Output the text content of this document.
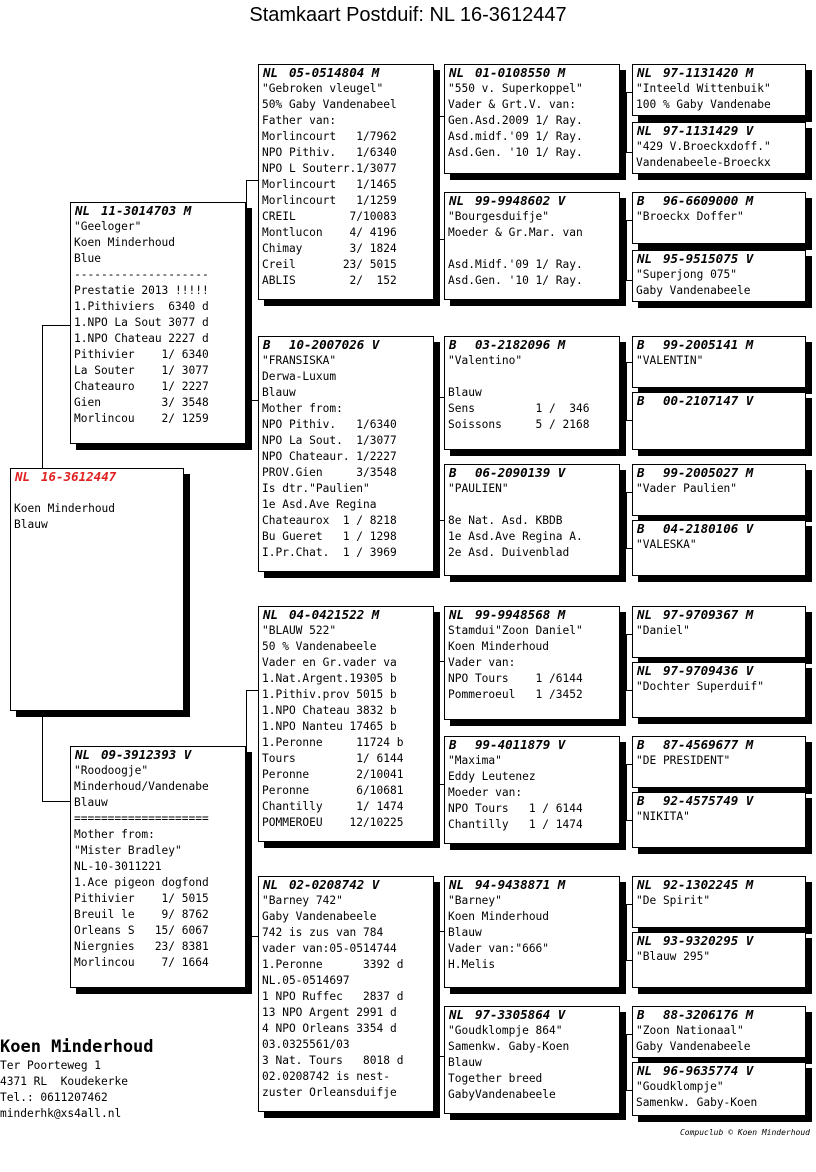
Stamkaart Postduif: NL 16-3612447
NL 16-3612447
Koen Minderhoud
Blauw
NL 11-3014703 M
"Geeloger"
Koen Minderhoud
Blue
--------------------
Prestatie 2013 !!!!!
1.Pithiviers  6340 d
1.NPO La Sout 3077 d
1.NPO Chateau 2227 d
Pithivier    1/ 6340
La Souter    1/ 3077
Chateauro    1/ 2227
Gien         3/ 3548
Morlincou    2/ 1259
NL 09-3912393 V
"Roodoogje"
Minderhoud/Vandenabe
Blauw
====================
Mother from:
"Mister Bradley"
NL-10-3011221
1.Ace pigeon dogfond
Pithivier    1/ 5015
Breuil le    9/ 8762
Orleans S   15/ 6067
Niergnies   23/ 8381
Morlincou    7/ 1664
NL 05-0514804 M
"Gebroken vleugel"
50% Gaby Vandenabeel
Father van:
Morlincourt   1/7962
NPO Pithiv.   1/6340
NPO L Souterr.1/3077
Morlincourt   1/1465
Morlincourt   1/1259
CREIL        7/10083
Montlucon    4/ 4196
Chimay       3/ 1824
Creil       23/ 5015
ABLIS        2/  152
B 10-2007026 V
"FRANSISKA"
Derwa-Luxum
Blauw
Mother from:
NPO Pithiv.   1/6340
NPO La Sout.  1/3077
NPO Chateaur. 1/2227
PROV.Gien     3/3548
Is dtr."Paulien"
1e Asd.Ave Regina
Chateaurox  1 / 8218
Bu Gueret   1 / 1298
I.Pr.Chat.  1 / 3969
NL 04-0421522 M
"BLAUW 522"
50 % Vandenabeele
Vader en Gr.vader va
1.Nat.Argent.19305 b
1.Pithiv.prov 5015 b
1.NPO Chateau 3832 b
1.NPO Nanteu 17465 b
1.Peronne     11724 b
Tours         1/ 6144
Peronne       2/10041
Peronne       6/10681
Chantilly     1/ 1474
POMMEROEU    12/10225
NL 02-0208742 V
"Barney 742"
Gaby Vandenabeele
742 is zus van 784
vader van:05-0514744
1.Peronne      3392 d
NL.05-0514697
1 NPO Ruffec   2837 d
13 NPO Argent 2991 d
4 NPO Orleans 3354 d
03.0325561/03
3 Nat. Tours   8018 d
02.0208742 is nest-
zuster Orleansduifje
NL 01-0108550 M
"550 v. Superkoppel"
Vader & Grt.V. van:
Gen.Asd.2009 1/ Ray.
Asd.midf.'09 1/ Ray.
Asd.Gen. '10 1/ Ray.
NL 99-9948602 V
"Bourgesduifje"
Moeder & Gr.Mar. van
Asd.Midf.'09 1/ Ray.
Asd.Gen. '10 1/ Ray.
B 03-2182096 M
"Valentino"
Blauw
Sens         1 /  346
Soissons     5 / 2168
B 06-2090139 V
"PAULIEN"
8e Nat. Asd. KBDB
1e Asd.Ave Regina A.
2e Asd. Duivenblad
NL 99-9948568 M
Stamdui"Zoon Daniel"
Koen Minderhoud
Vader van:
NPO Tours    1 /6144
Pommeroeul   1 /3452
B 99-4011879 V
"Maxima"
Eddy Leutenez
Moeder van:
NPO Tours   1 / 6144
Chantilly   1 / 1474
NL 94-9438871 M
"Barney"
Koen Minderhoud
Blauw
Vader van:"666"
H.Melis
NL 97-3305864 V
"Goudklompje 864"
Samenkw. Gaby-Koen
Blauw
Together breed
GabyVandenabeele
NL 97-1131420 M
"Inteeld Wittenbuik"
100 % Gaby Vandenabe
NL 97-1131429 V
"429 V.Broeckxdoff."
Vandenabeele-Broeckx
B 96-6609000 M
"Broeckx Doffer"
NL 95-9515075 V
"Superjong 075"
Gaby Vandenabeele
B 99-2005141 M
"VALENTIN"
B 00-2107147 V
B 99-2005027 M
"Vader Paulien"
B 04-2180106 V
"VALESKA"
NL 97-9709367 M
"Daniel"
NL 97-9709436 V
"Dochter Superduif"
B 87-4569677 M
"DE PRESIDENT"
B 92-4575749 V
"NIKITA"
NL 92-1302245 M
"De Spirit"
NL 93-9320295 V
"Blauw 295"
B 88-3206176 M
"Zoon Nationaal"
Gaby Vandenabeele
NL 96-9635774 V
"Goudklompje"
Samenkw. Gaby-Koen
Koen Minderhoud
Ter Poorteweg 1
4371 RL  Koudekerke
Tel.: 0611207462
minderhk@xs4all.nl
Compuclub © Koen Minderhoud
